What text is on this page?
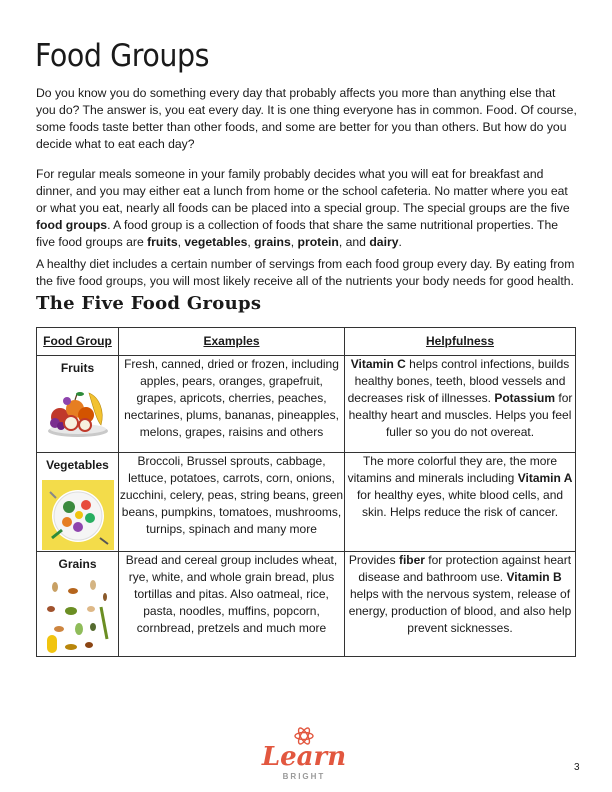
Food Groups

Do you know you do something every day that probably affects you more than anything else that you do? The answer is, you eat every day. It is one thing everyone has in common. Food. Of course, some foods taste better than other foods, and some are better for you than others. But how do you decide what to eat each day?

For regular meals someone in your family probably decides what you will eat for breakfast and dinner, and you may either eat a lunch from home or the school cafeteria. No matter where you eat or what you eat, nearly all foods can be placed into a special group. The special groups are the five food groups. A food group is a collection of foods that share the same nutritional properties. The five food groups are fruits, vegetables, grains, protein, and dairy.

A healthy diet includes a certain number of servings from each food group every day. By eating from the five food groups, you will most likely receive all of the nutrients your body needs for good health.

The Five Food Groups
Food Group	Examples	Helpfulness

Fruits	Fresh, canned, dried or frozen, including apples, pears, oranges, grapefruit, grapes, apricots, cherries, peaches, nectarines, plums, bananas, pineapples, melons, grapes, raisins and others	Vitamin C helps control infections, builds healthy bones, teeth, blood vessels and decreases risk of illnesses. Potassium for healthy heart and muscles. Helps you feel fuller so you do not overeat.

Vegetables	Broccoli, Brussel sprouts, cabbage, lettuce, potatoes, carrots, corn, onions, zucchini, celery, peas, string beans, green beans, pumpkins, tomatoes, mushrooms, turnips, spinach and many more	The more colorful they are, the more vitamins and minerals including Vitamin A for healthy eyes, white blood cells, and skin. Helps reduce the risk of cancer.

Grains	Bread and cereal group includes wheat, rye, white, and whole grain bread, plus tortillas and pitas. Also oatmeal, rice, pasta, noodles, muffins, popcorn, cornbread, pretzels and much more	Provides fiber for protection against heart disease and bathroom use. Vitamin B helps with the nervous system, release of energy, production of blood, and also help prevent sicknesses.
Learn
BRIGHT
3
